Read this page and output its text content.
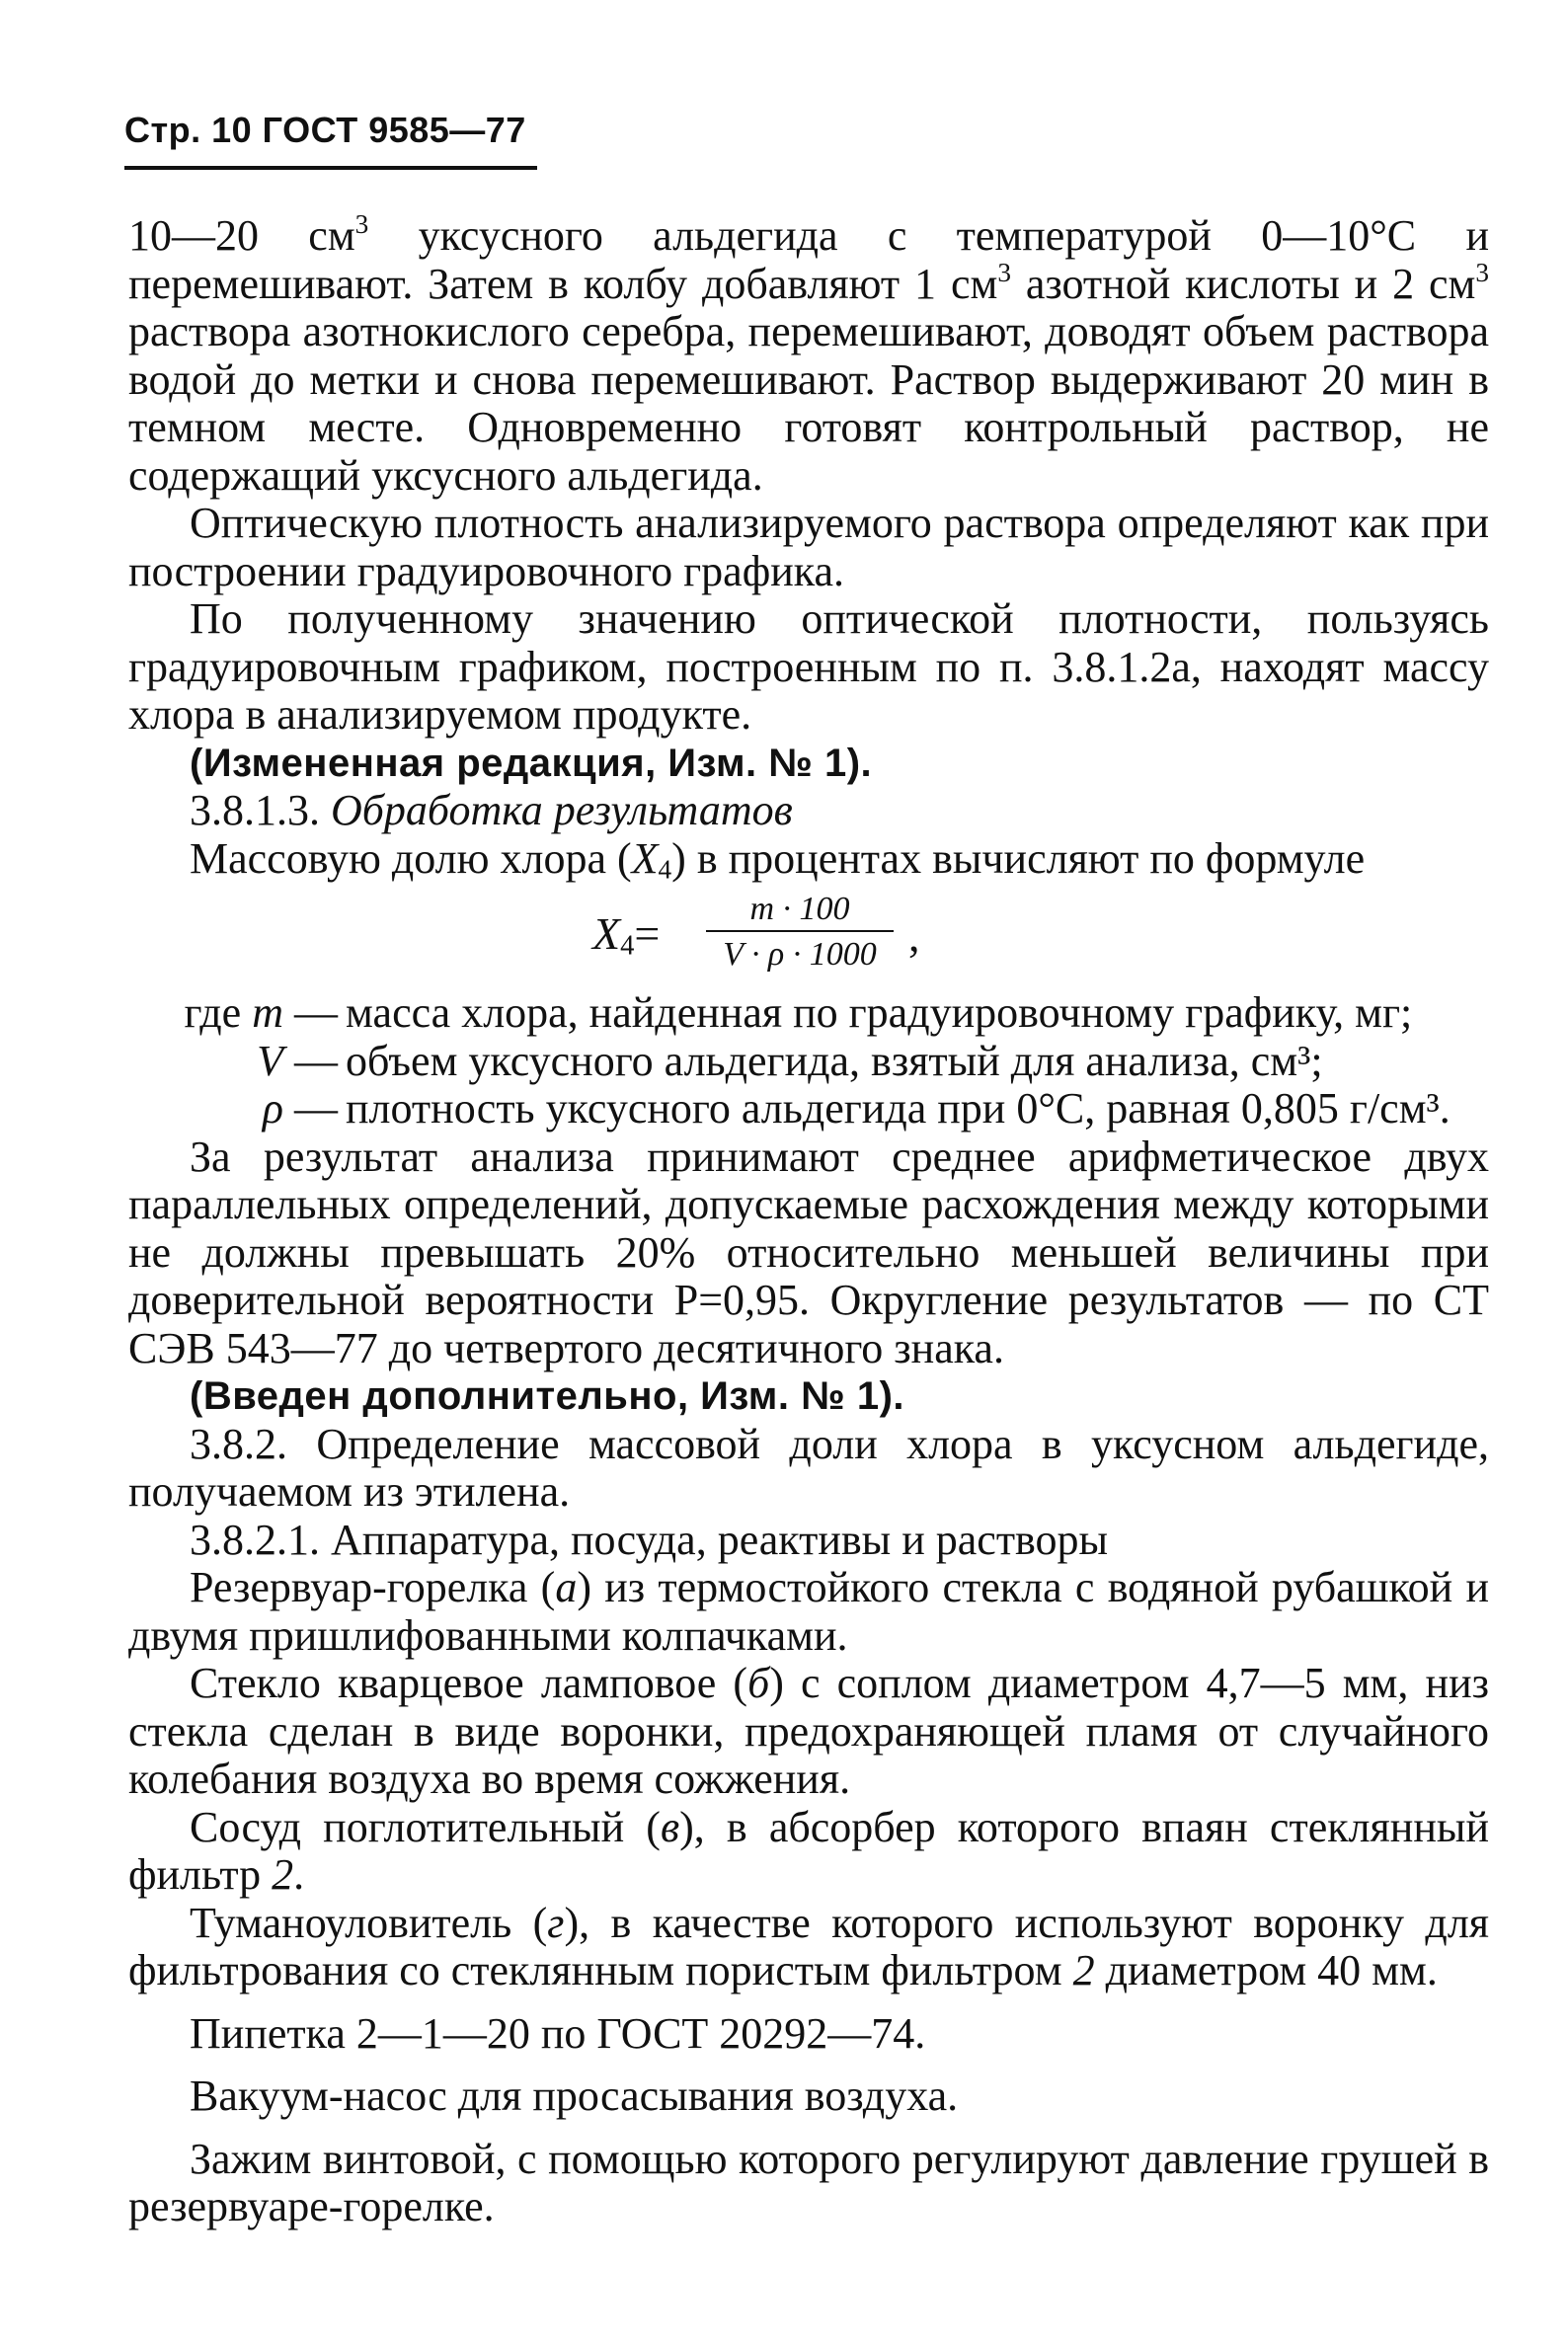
Стр. 10 ГОСТ 9585—77

10—20 $см^3$ уксусного альдегида с температурой 0—10°С и перемешивают. Затем в колбу добавляют 1 $см^3$ азотной кислоты и 2 $см^3$ раствора азотнокислого серебра, перемешивают, доводят объем раствора водой до метки и снова перемешивают. Раствор выдерживают 20 мин в темном месте. Одновременно готовят контрольный раствор, не содержащий уксусного альдегида.

Оптическую плотность анализируемого раствора определяют как при построении градуировочного графика.

По полученному значению оптической плотности, пользуясь градуировочным графиком, построенным по п. 3.8.1.2а, находят массу хлора в анализируемом продукте.

(Измененная редакция, Изм. № 1).

3.8.1.3. Обработка результатов

Массовую долю хлора $(X_4)$ в процентах вычисляют по формуле

$X_4=$	m · 100
V · ρ · 1000 ,
где m — масса хлора, найденная по градуировочному графику, мг;
V — объем уксусного альдегида, взятый для анализа, см³;
ρ — плотность уксусного альдегида при 0°С, равная 0,805 г/см³.

За результат анализа принимают среднее арифметическое двух параллельных определений, допускаемые расхождения между которыми не должны превышать 20% относительно меньшей величины при доверительной вероятности Р=0,95. Округление результатов — по СТ СЭВ 543—77 до четвертого десятичного знака.

(Введен дополнительно, Изм. № 1).

3.8.2. Определение массовой доли хлора в уксусном альдегиде, получаемом из этилена.

3.8.2.1. Аппаратура, посуда, реактивы и растворы

Резервуар-горелка (а) из термостойкого стекла с водяной рубашкой и двумя пришлифованными колпачками.

Стекло кварцевое ламповое (б) с соплом диаметром 4,7—5 мм, низ стекла сделан в виде воронки, предохраняющей пламя от случайного колебания воздуха во время сожжения.

Сосуд поглотительный (в), в абсорбер которого впаян стеклянный фильтр 2.

Туманоуловитель (г), в качестве которого используют воронку для фильтрования со стеклянным пористым фильтром 2 диаметром 40 мм.

Пипетка 2—1—20 по ГОСТ 20292—74.

Вакуум-насос для просасывания воздуха.

Зажим винтовой, с помощью которого регулируют давление грушей в резервуаре-горелке.
